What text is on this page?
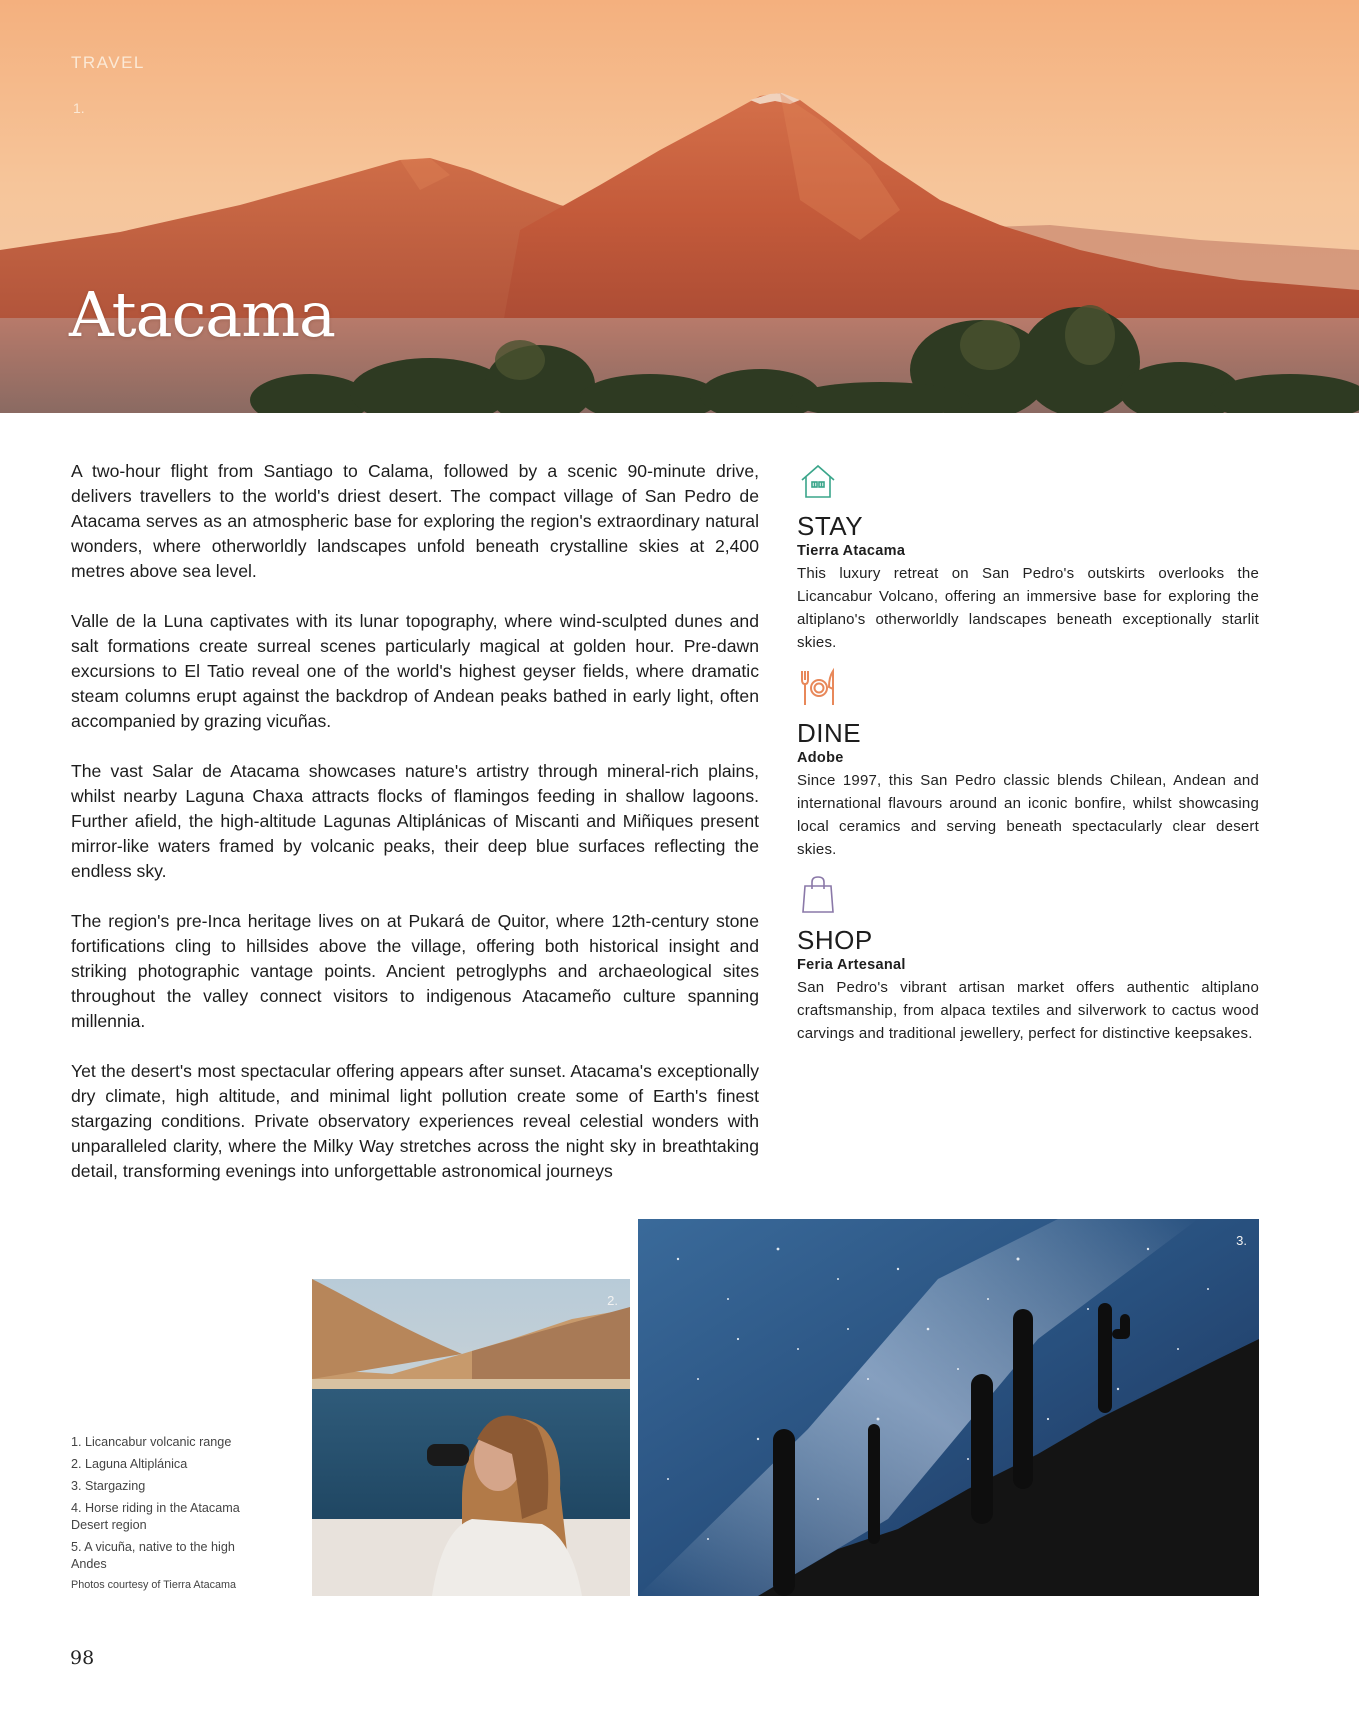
TRAVEL
1.
Atacama

A two-hour flight from Santiago to Calama, followed by a scenic 90-minute drive, delivers travellers to the world's driest desert. The compact village of San Pedro de Atacama serves as an atmospheric base for exploring the region's extraordinary natural wonders, where otherworldly landscapes unfold beneath crystalline skies at 2,400 metres above sea level.

Valle de la Luna captivates with its lunar topography, where wind-sculpted dunes and salt formations create surreal scenes particularly magical at golden hour. Pre-dawn excursions to El Tatio reveal one of the world's highest geyser fields, where dramatic steam columns erupt against the backdrop of Andean peaks bathed in early light, often accompanied by grazing vicuñas.

The vast Salar de Atacama showcases nature's artistry through mineral-rich plains, whilst nearby Laguna Chaxa attracts flocks of flamingos feeding in shallow lagoons. Further afield, the high-altitude Lagunas Altiplánicas of Miscanti and Miñiques present mirror-like waters framed by volcanic peaks, their deep blue surfaces reflecting the endless sky.

The region's pre-Inca heritage lives on at Pukará de Quitor, where 12th-century stone fortifications cling to hillsides above the village, offering both historical insight and striking photographic vantage points. Ancient petroglyphs and archaeological sites throughout the valley connect visitors to indigenous Atacameño culture spanning millennia.

Yet the desert's most spectacular offering appears after sunset. Atacama's exceptionally dry climate, high altitude, and minimal light pollution create some of Earth's finest stargazing conditions. Private observatory experiences reveal celestial wonders with unparalleled clarity, where the Milky Way stretches across the night sky in breathtaking detail, transforming evenings into unforgettable astronomical journeys

STAY
Tierra Atacama
This luxury retreat on San Pedro's outskirts overlooks the Licancabur Volcano, offering an immersive base for exploring the altiplano's otherworldly landscapes beneath exceptionally starlit skies.
DINE
Adobe
Since 1997, this San Pedro classic blends Chilean, Andean and international flavours around an iconic bonfire, whilst showcasing local ceramics and serving beneath spectacularly clear desert skies.
SHOP
Feria Artesanal
San Pedro's vibrant artisan market offers authentic altiplano craftsmanship, from alpaca textiles and silverwork to cactus wood carvings and traditional jewellery, perfect for distinctive keepsakes.
1. Licancabur volcanic range
2. Laguna Altiplánica
3. Stargazing
4. Horse riding in the Atacama Desert region
5. A vicuña, native to the high Andes
Photos courtesy of Tierra Atacama
2.
3.
98
